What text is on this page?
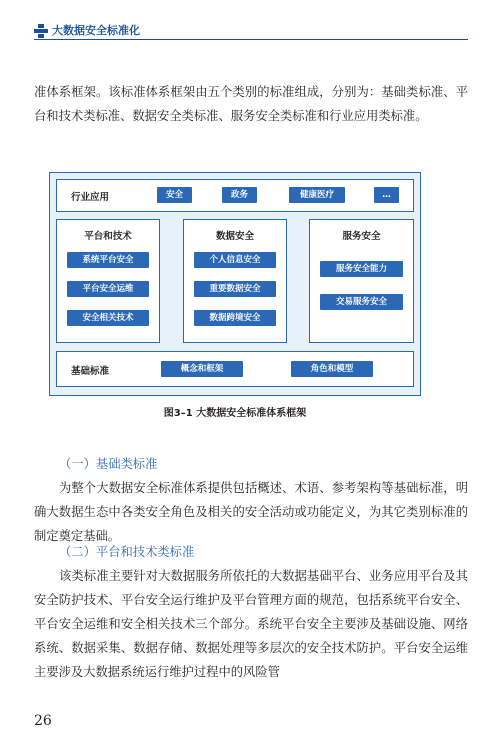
大数据安全标准化

准体系框架。该标准体系框架由五个类别的标准组成，分别为：基础类标准、平台和技术类标准、数据安全类标准、服务安全类标准和行业应用类标准。

行业应用	安全	政务	健康医疗	…
平台和技术
系统平台安全
平台安全运维
安全相关技术
数据安全
个人信息安全
重要数据安全
数据跨境安全
服务安全
服务安全能力
交易服务安全
基础标准	概念和框架	角色和模型
图3–1 大数据安全标准体系框架

（一）基础类标准

为整个大数据安全标准体系提供包括概述、术语、参考架构等基础标准，明确大数据生态中各类安全角色及相关的安全活动或功能定义，为其它类别标准的制定奠定基础。

（二）平台和技术类标准

该类标准主要针对大数据服务所依托的大数据基础平台、业务应用平台及其安全防护技术、平台安全运行维护及平台管理方面的规范，包括系统平台安全、平台安全运维和安全相关技术三个部分。系统平台安全主要涉及基础设施、网络系统、数据采集、数据存储、数据处理等多层次的安全技术防护。平台安全运维主要涉及大数据系统运行维护过程中的风险管

26
